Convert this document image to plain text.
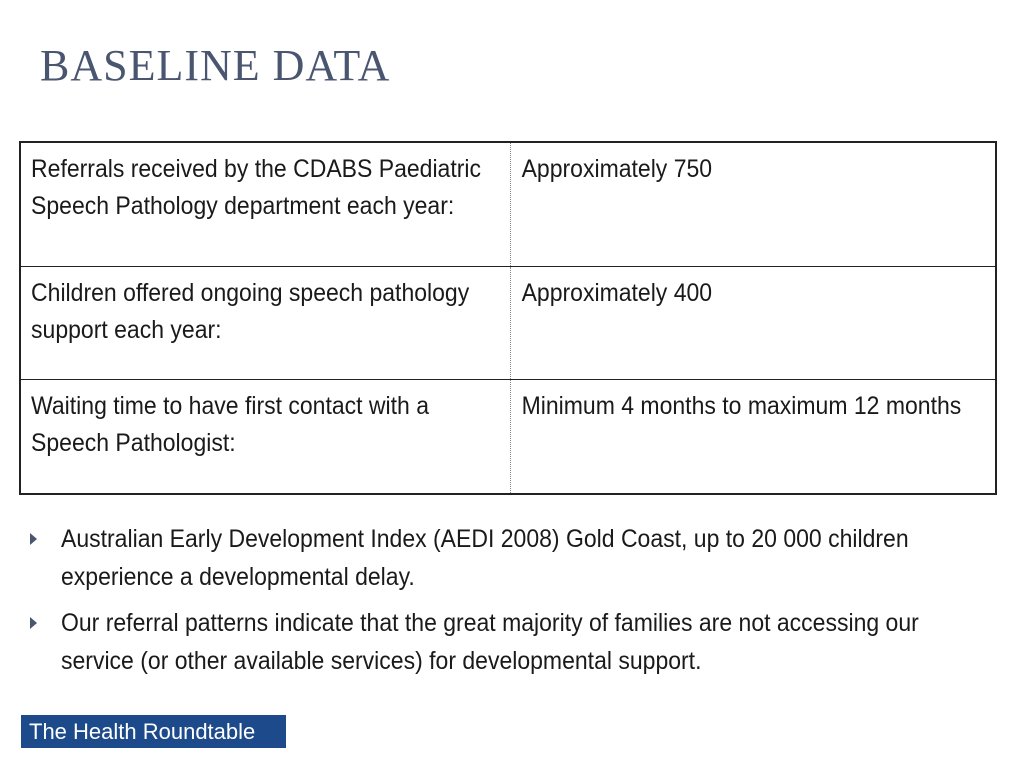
BASELINE DATA
Referrals received by the CDABS Paediatric Speech Pathology department each year:	Approximately 750

Children offered ongoing speech pathology support each year:	Approximately 400

Waiting time to have first contact with a Speech Pathologist:	Minimum 4 months to maximum 12 months
Australian Early Development Index (AEDI 2008) Gold Coast, up to 20 000 children experience a developmental delay.
Our referral patterns indicate that the great majority of families are not accessing our service (or other available services) for developmental support.
The Health Roundtable
